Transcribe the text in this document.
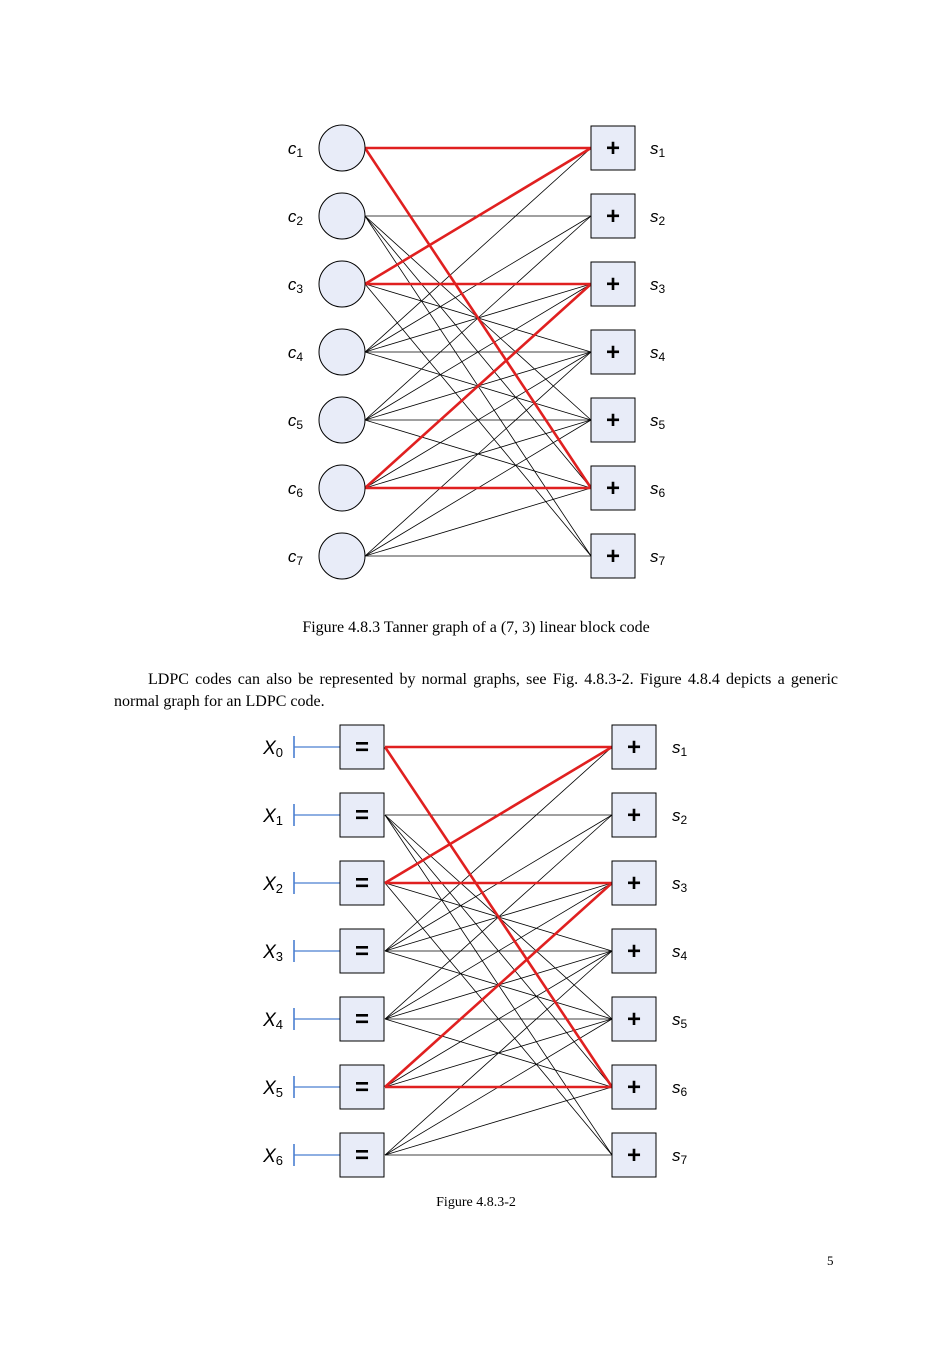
c1	+ s1
c2	+ s2
c3	+ s3
c4	+ s4
c5	+ s5
c6	+ s6
c7	+ s7
Figure 4.8.3 Tanner graph of a (7, 3) linear block code
LDPC codes can also be represented by normal graphs, see Fig. 4.8.3-2. Figure 4.8.4 depicts a generic normal graph for an LDPC code.
X0	=	+ s1
X1	=	+ s2
X2	=	+ s3
X3	=	+ s4
X4	=	+ s5
X5	=	+ s6
X6	=	+ s7
Figure 4.8.3-2
5
